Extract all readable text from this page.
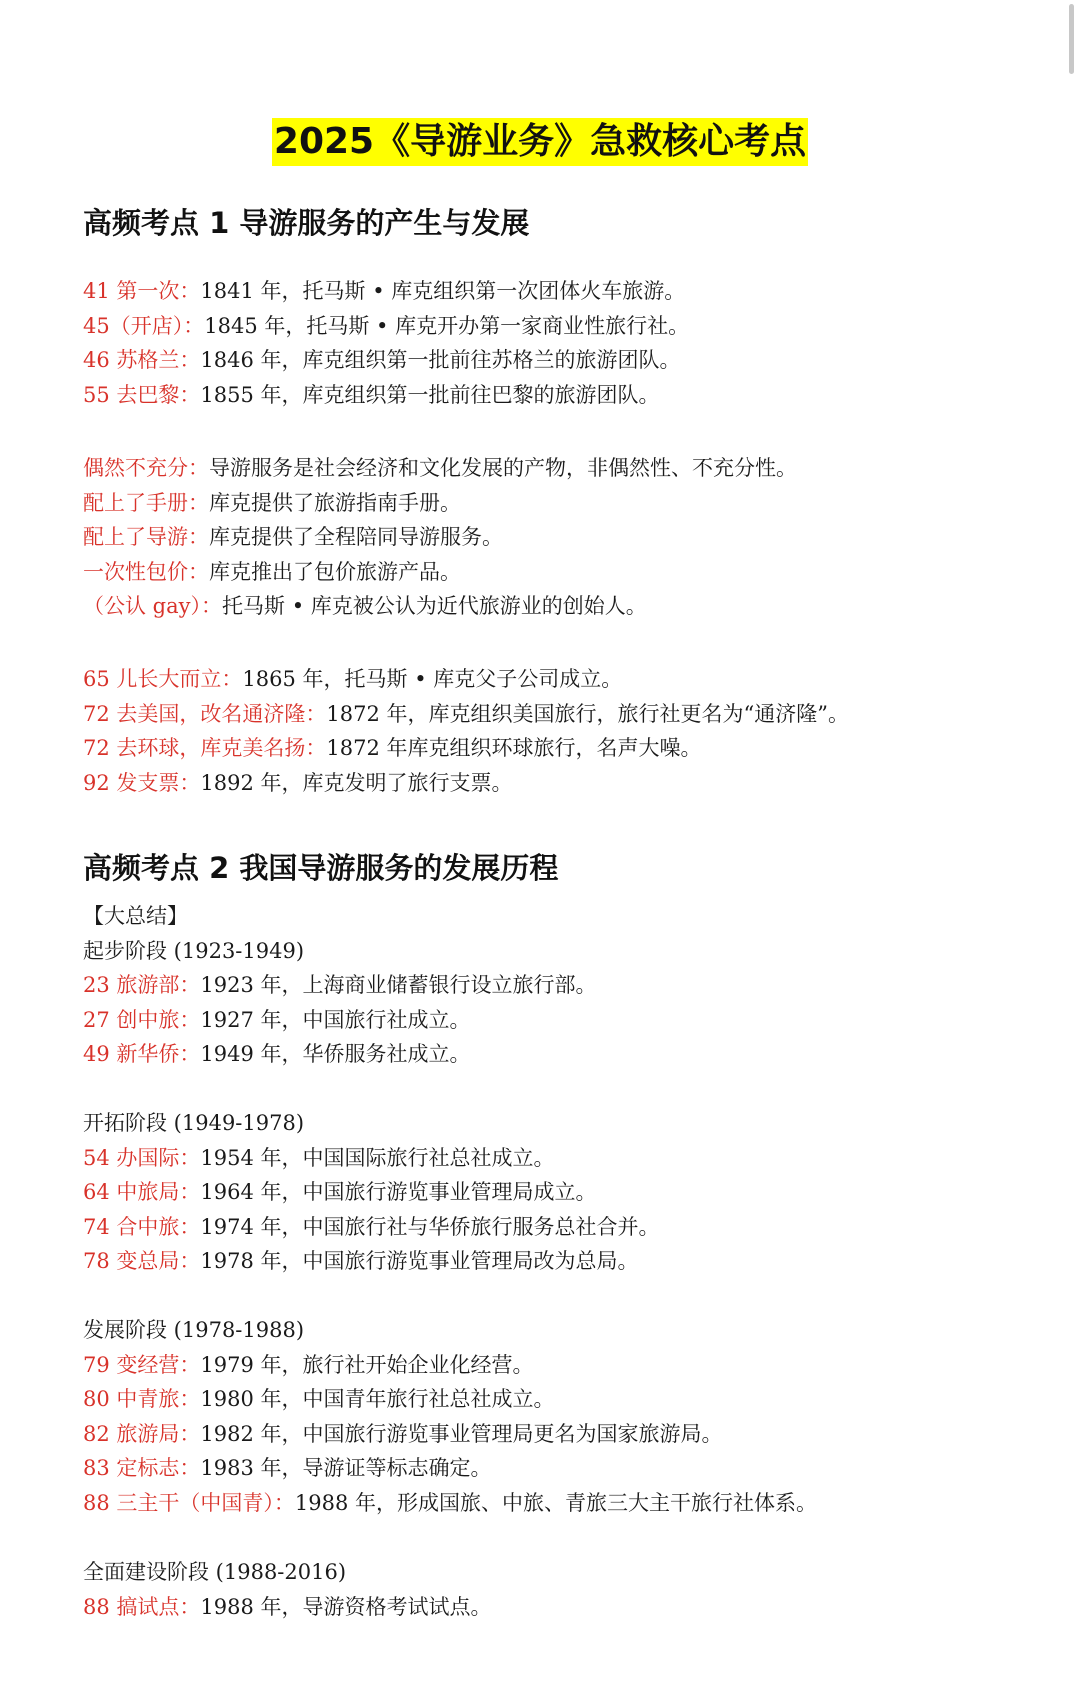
2025《导游业务》急救核心考点
高频考点 1 导游服务的产生与发展
41 第一次：1841 年，托马斯 • 库克组织第一次团体火车旅游。
45（开店）：1845 年，托马斯 • 库克开办第一家商业性旅行社。
46 苏格兰：1846 年，库克组织第一批前往苏格兰的旅游团队。
55 去巴黎：1855 年，库克组织第一批前往巴黎的旅游团队。
偶然不充分：导游服务是社会经济和文化发展的产物，非偶然性、不充分性。
配上了手册：库克提供了旅游指南手册。
配上了导游：库克提供了全程陪同导游服务。
一次性包价：库克推出了包价旅游产品。
（公认 gay）：托马斯 • 库克被公认为近代旅游业的创始人。
65 儿长大而立：1865 年，托马斯 • 库克父子公司成立。
72 去美国，改名通济隆：1872 年，库克组织美国旅行，旅行社更名为“通济隆”。
72 去环球，库克美名扬：1872 年库克组织环球旅行，名声大噪。
92 发支票：1892 年，库克发明了旅行支票。
高频考点 2 我国导游服务的发展历程
【大总结】
起步阶段 (1923-1949)
23 旅游部：1923 年，上海商业储蓄银行设立旅行部。
27 创中旅：1927 年，中国旅行社成立。
49 新华侨：1949 年，华侨服务社成立。
开拓阶段 (1949-1978)
54 办国际：1954 年，中国国际旅行社总社成立。
64 中旅局：1964 年，中国旅行游览事业管理局成立。
74 合中旅：1974 年，中国旅行社与华侨旅行服务总社合并。
78 变总局：1978 年，中国旅行游览事业管理局改为总局。
发展阶段 (1978-1988)
79 变经营：1979 年，旅行社开始企业化经营。
80 中青旅：1980 年，中国青年旅行社总社成立。
82 旅游局：1982 年，中国旅行游览事业管理局更名为国家旅游局。
83 定标志：1983 年，导游证等标志确定。
88 三主干（中国青）：1988 年，形成国旅、中旅、青旅三大主干旅行社体系。
全面建设阶段 (1988-2016)
88 搞试点：1988 年，导游资格考试试点。
